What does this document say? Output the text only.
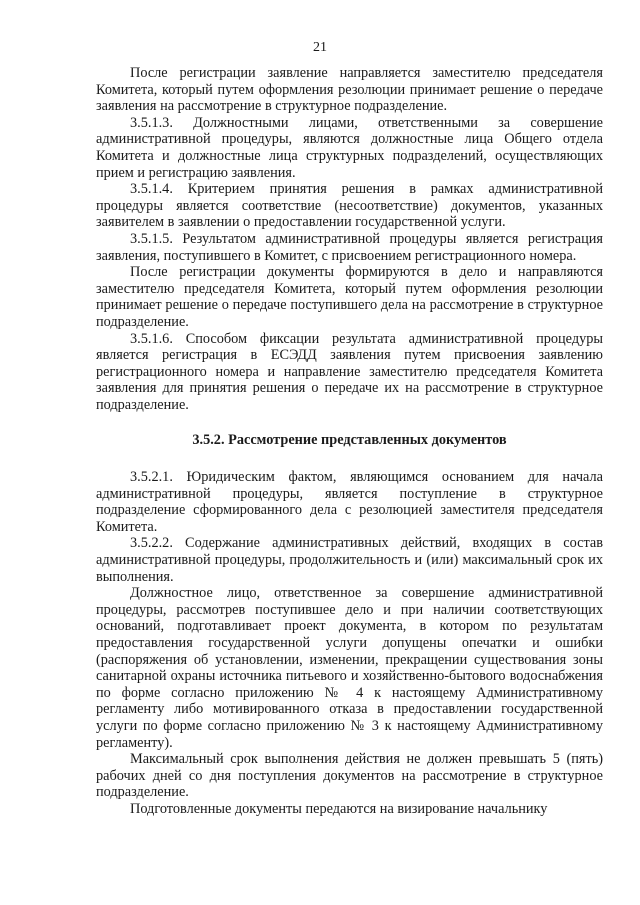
21

После регистрации заявление направляется заместителю председателя Комитета, который путем оформления резолюции принимает решение о передаче заявления на рассмотрение в структурное подразделение.

3.5.1.3. Должностными лицами, ответственными за совершение административной процедуры, являются должностные лица Общего отдела Комитета и должностные лица структурных подразделений, осуществляющих прием и регистрацию заявления.

3.5.1.4. Критерием принятия решения в рамках административной процедуры является соответствие (несоответствие) документов, указанных заявителем в заявлении о предоставлении государственной услуги.

3.5.1.5. Результатом административной процедуры является регистрация заявления, поступившего в Комитет, с присвоением регистрационного номера.

После регистрации документы формируются в дело и направляются заместителю председателя Комитета, который путем оформления резолюции принимает решение о передаче поступившего дела на рассмотрение в структурное подразделение.

3.5.1.6. Способом фиксации результата административной процедуры является регистрация в ЕСЭДД заявления путем присвоения заявлению регистрационного номера и направление заместителю председателя Комитета заявления для принятия решения о передаче их на рассмотрение в структурное подразделение.

3.5.2. Рассмотрение представленных документов

3.5.2.1. Юридическим фактом, являющимся основанием для начала административной процедуры, является поступление в структурное подразделение сформированного дела с резолюцией заместителя председателя Комитета.

3.5.2.2. Содержание административных действий, входящих в состав административной процедуры, продолжительность и (или) максимальный срок их выполнения.

Должностное лицо, ответственное за совершение административной процедуры, рассмотрев поступившее дело и при наличии соответствующих оснований, подготавливает проект документа, в котором по результатам предоставления государственной услуги допущены опечатки и ошибки (распоряжения об установлении, изменении, прекращении существования зоны санитарной охраны источника питьевого и хозяйственно-бытового водоснабжения по форме согласно приложению № 4 к настоящему Административному регламенту либо мотивированного отказа в предоставлении государственной услуги по форме согласно приложению № 3 к настоящему Административному регламенту).

Максимальный срок выполнения действия не должен превышать 5 (пять) рабочих дней со дня поступления документов на рассмотрение в структурное подразделение.

Подготовленные документы передаются на визирование начальнику
